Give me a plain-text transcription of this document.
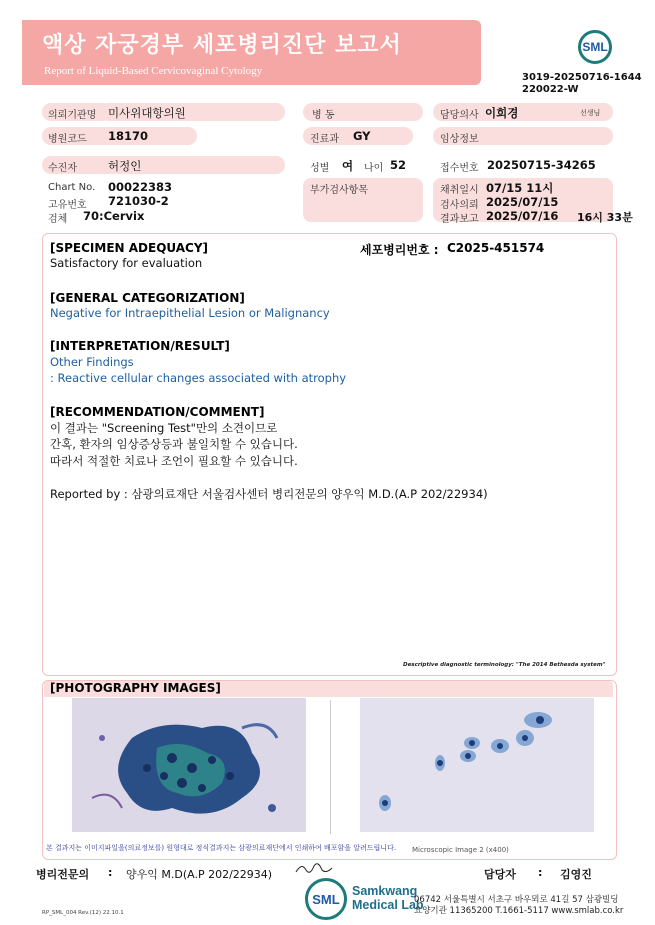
액상 자궁경부 세포병리진단 보고서
Report of Liquid-Based Cervicovaginal Cytology
SML
3019-20250716-1644
220022-W
의뢰기관명 미사위대항의원	병 동	담당의사 이희경	선생님
병원코드 18170	진료과 GY	임상정보
수진자	허정인	성별 여 나이 52	접수번호 20250715-34265
Chart No. 00022383
고유번호 721030-2
검체 70:Cervix
부가검사항목	채취일시 07/15 11시
검사의뢰 2025/07/15
결과보고 2025/07/16 16시 33분
[SPECIMEN ADEQUACY]
Satisfactory for evaluation
세포병리번호 : C2025-451574
[GENERAL CATEGORIZATION]
Negative for Intraepithelial Lesion or Malignancy
[INTERPRETATION/RESULT]
Other Findings
: Reactive cellular changes associated with atrophy
[RECOMMENDATION/COMMENT]
이 결과는 "Screening Test"만의 소견이므로
간혹, 환자의 임상증상등과 불일치할 수 있습니다.
따라서 적절한 치료나 조언이 필요할 수 있습니다.
Reported by : 삼광의료재단 서울검사센터 병리전문의 양우익 M.D.(A.P 202/22934)
Descriptive diagnostic terminology: "The 2014 Bethesda system"
[PHOTOGRAPHY IMAGES]
본 결과지는 이미지파일을(의료정보를) 원형대로 정식결과지는 삼광의료재단에서 인쇄하여 배포함을 알려드립니다. Microscopic Image 2 (x400)
병리전문의 : 양우익 M.D(A.P 202/22934)	담당자 : 김영진
SML
Samkwang
Medical Lab
06742 서울특별시 서초구 바우뫼로 41길 57 삼광빌딩
요양기관 11365200 T.1661-5117 www.smlab.co.kr
RP_SML_004 Rev.(12) 22.10.1
